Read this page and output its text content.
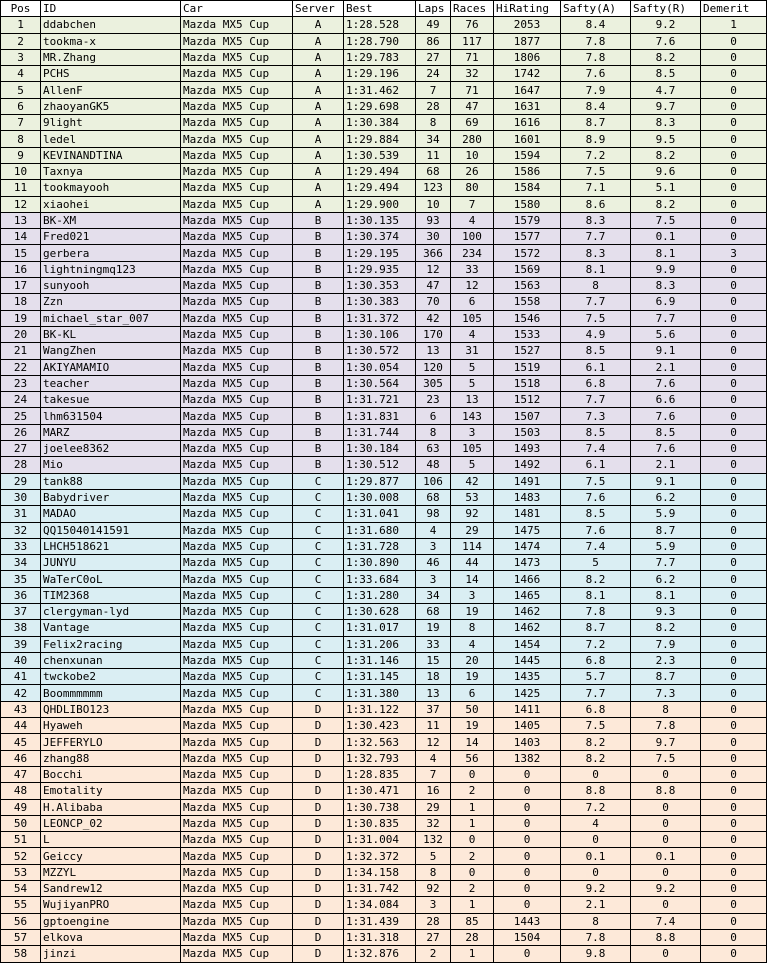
Pos	ID	Car	Server	Best	Laps	Races	HiRating	Safty(A)	Safty(R)	Demerit
1	ddabchen	Mazda MX5 Cup	A	1:28.528	49	76	2053	8.4	9.2	1
2	tookma-x	Mazda MX5 Cup	A	1:28.790	86	117	1877	7.8	7.6	0
3	MR.Zhang	Mazda MX5 Cup	A	1:29.783	27	71	1806	7.8	8.2	0
4	PCHS	Mazda MX5 Cup	A	1:29.196	24	32	1742	7.6	8.5	0
5	AllenF	Mazda MX5 Cup	A	1:31.462	7	71	1647	7.9	4.7	0
6	zhaoyanGK5	Mazda MX5 Cup	A	1:29.698	28	47	1631	8.4	9.7	0
7	9light	Mazda MX5 Cup	A	1:30.384	8	69	1616	8.7	8.3	0
8	ledel	Mazda MX5 Cup	A	1:29.884	34	280	1601	8.9	9.5	0
9	KEVINANDTINA	Mazda MX5 Cup	A	1:30.539	11	10	1594	7.2	8.2	0
10	Taxnya	Mazda MX5 Cup	A	1:29.494	68	26	1586	7.5	9.6	0
11	tookmayooh	Mazda MX5 Cup	A	1:29.494	123	80	1584	7.1	5.1	0
12	xiaohei	Mazda MX5 Cup	A	1:29.900	10	7	1580	8.6	8.2	0
13	BK-XM	Mazda MX5 Cup	B	1:30.135	93	4	1579	8.3	7.5	0
14	Fred021	Mazda MX5 Cup	B	1:30.374	30	100	1577	7.7	0.1	0
15	gerbera	Mazda MX5 Cup	B	1:29.195	366	234	1572	8.3	8.1	3
16	lightningmq123	Mazda MX5 Cup	B	1:29.935	12	33	1569	8.1	9.9	0
17	sunyooh	Mazda MX5 Cup	B	1:30.353	47	12	1563	8	8.3	0
18	Zzn	Mazda MX5 Cup	B	1:30.383	70	6	1558	7.7	6.9	0
19	michael_star_007	Mazda MX5 Cup	B	1:31.372	42	105	1546	7.5	7.7	0
20	BK-KL	Mazda MX5 Cup	B	1:30.106	170	4	1533	4.9	5.6	0
21	WangZhen	Mazda MX5 Cup	B	1:30.572	13	31	1527	8.5	9.1	0
22	AKIYAMAMIO	Mazda MX5 Cup	B	1:30.054	120	5	1519	6.1	2.1	0
23	teacher	Mazda MX5 Cup	B	1:30.564	305	5	1518	6.8	7.6	0
24	takesue	Mazda MX5 Cup	B	1:31.721	23	13	1512	7.7	6.6	0
25	lhm631504	Mazda MX5 Cup	B	1:31.831	6	143	1507	7.3	7.6	0
26	MARZ	Mazda MX5 Cup	B	1:31.744	8	3	1503	8.5	8.5	0
27	joelee8362	Mazda MX5 Cup	B	1:30.184	63	105	1493	7.4	7.6	0
28	Mio	Mazda MX5 Cup	B	1:30.512	48	5	1492	6.1	2.1	0
29	tank88	Mazda MX5 Cup	C	1:29.877	106	42	1491	7.5	9.1	0
30	Babydriver	Mazda MX5 Cup	C	1:30.008	68	53	1483	7.6	6.2	0
31	MADAO	Mazda MX5 Cup	C	1:31.041	98	92	1481	8.5	5.9	0
32	QQ15040141591	Mazda MX5 Cup	C	1:31.680	4	29	1475	7.6	8.7	0
33	LHCH518621	Mazda MX5 Cup	C	1:31.728	3	114	1474	7.4	5.9	0
34	JUNYU	Mazda MX5 Cup	C	1:30.890	46	44	1473	5	7.7	0
35	WaTerC0oL	Mazda MX5 Cup	C	1:33.684	3	14	1466	8.2	6.2	0
36	TIM2368	Mazda MX5 Cup	C	1:31.280	34	3	1465	8.1	8.1	0
37	clergyman-lyd	Mazda MX5 Cup	C	1:30.628	68	19	1462	7.8	9.3	0
38	Vantage	Mazda MX5 Cup	C	1:31.017	19	8	1462	8.7	8.2	0
39	Felix2racing	Mazda MX5 Cup	C	1:31.206	33	4	1454	7.2	7.9	0
40	chenxunan	Mazda MX5 Cup	C	1:31.146	15	20	1445	6.8	2.3	0
41	twckobe2	Mazda MX5 Cup	C	1:31.145	18	19	1435	5.7	8.7	0
42	Boommmmmm	Mazda MX5 Cup	C	1:31.380	13	6	1425	7.7	7.3	0
43	QHDLIBO123	Mazda MX5 Cup	D	1:31.122	37	50	1411	6.8	8	0
44	Hyaweh	Mazda MX5 Cup	D	1:30.423	11	19	1405	7.5	7.8	0
45	JEFFERYLO	Mazda MX5 Cup	D	1:32.563	12	14	1403	8.2	9.7	0
46	zhang88	Mazda MX5 Cup	D	1:32.793	4	56	1382	8.2	7.5	0
47	Bocchi	Mazda MX5 Cup	D	1:28.835	7	0	0	0	0	0
48	Emotality	Mazda MX5 Cup	D	1:30.471	16	2	0	8.8	8.8	0
49	H.Alibaba	Mazda MX5 Cup	D	1:30.738	29	1	0	7.2	0	0
50	LEONCP_02	Mazda MX5 Cup	D	1:30.835	32	1	0	4	0	0
51	L	Mazda MX5 Cup	D	1:31.004	132	0	0	0	0	0
52	Geiccy	Mazda MX5 Cup	D	1:32.372	5	2	0	0.1	0.1	0
53	MZZYL	Mazda MX5 Cup	D	1:34.158	8	0	0	0	0	0
54	Sandrew12	Mazda MX5 Cup	D	1:31.742	92	2	0	9.2	9.2	0
55	WujiyanPRO	Mazda MX5 Cup	D	1:34.084	3	1	0	2.1	0	0
56	gptoengine	Mazda MX5 Cup	D	1:31.439	28	85	1443	8	7.4	0
57	elkova	Mazda MX5 Cup	D	1:31.318	27	28	1504	7.8	8.8	0
58	jinzi	Mazda MX5 Cup	D	1:32.876	2	1	0	9.8	0	0
